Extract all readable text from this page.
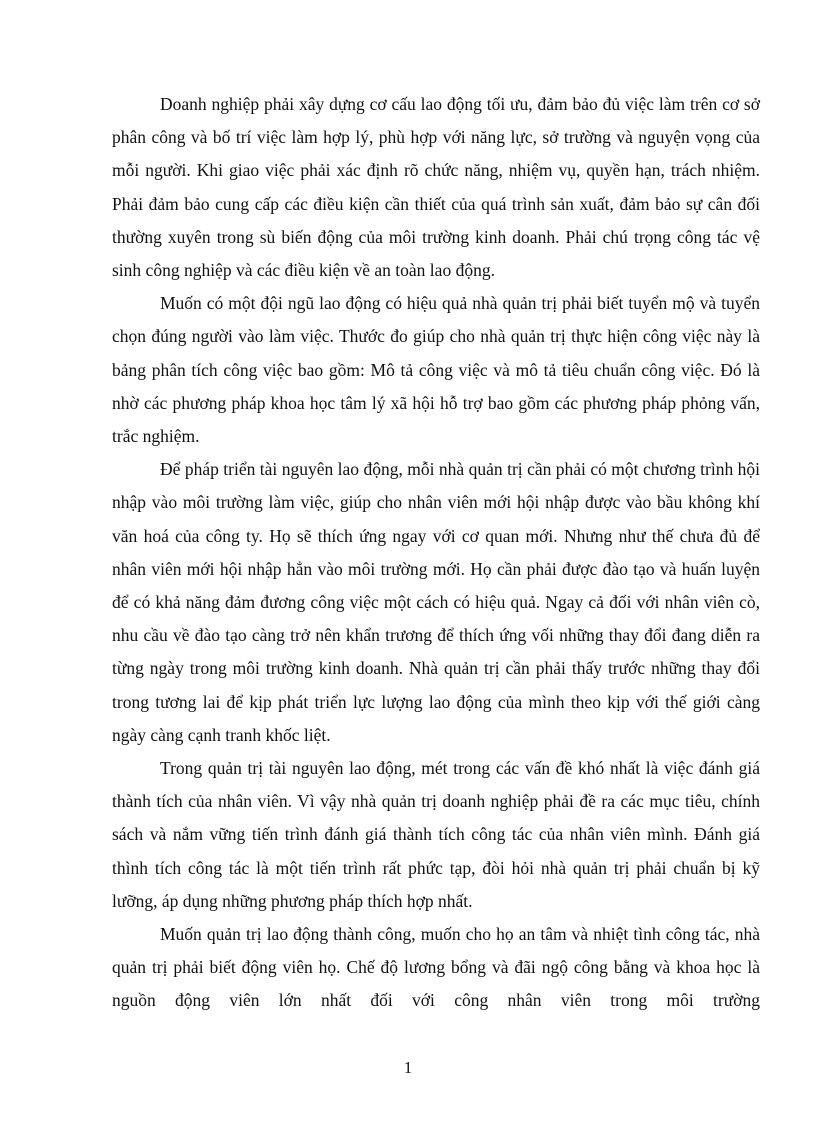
Doanh nghiệp phải xây dựng cơ cấu lao động tối ưu, đảm bảo đủ việc làm trên cơ sở phân công và bố trí việc làm hợp lý, phù hợp với năng lực, sở trường và nguyện vọng của mỗi người. Khi giao việc phải xác định rõ chức năng, nhiệm vụ, quyền hạn, trách nhiệm. Phải đảm bảo cung cấp các điều kiện cần thiết của quá trình sản xuất, đảm bảo sự cân đối thường xuyên trong sù biến động của môi trường kinh doanh. Phải chú trọng công tác vệ sinh công nghiệp và các điều kiện về an toàn lao động.

Muốn có một đội ngũ lao động có hiệu quả nhà quản trị phải biết tuyển mộ và tuyển chọn đúng người vào làm việc. Thước đo giúp cho nhà quản trị thực hiện công việc này là bảng phân tích công việc bao gồm: Mô tả công việc và mô tả tiêu chuẩn công việc. Đó là nhờ các phương pháp khoa học tâm lý xã hội hỗ trợ bao gồm các phương pháp phỏng vấn, trắc nghiệm.

Để pháp triển tài nguyên lao động, mỗi nhà quản trị cần phải có một chương trình hội nhập vào môi trường làm việc, giúp cho nhân viên mới hội nhập được vào bầu không khí văn hoá của công ty. Họ sẽ thích ứng ngay với cơ quan mới. Nhưng như thế chưa đủ để nhân viên mới hội nhập hẳn vào môi trường mới. Họ cần phải được đào tạo và huấn luyện để có khả năng đảm đương công việc một cách có hiệu quả. Ngay cả đối với nhân viên cò, nhu cầu về đào tạo càng trở nên khẩn trương để thích ứng vối những thay đổi đang diễn ra từng ngày trong môi trường kinh doanh. Nhà quản trị cần phải thấy trước những thay đổi trong tương lai để kịp phát triển lực lượng lao động của mình theo kịp với thế giới càng ngày càng cạnh tranh khốc liệt.

Trong quản trị tài nguyên lao động, mét trong các vấn đề khó nhất là việc đánh giá thành tích của nhân viên. Vì vậy nhà quản trị doanh nghiệp phải đề ra các mục tiêu, chính sách và nắm vững tiến trình đánh giá thành tích công tác của nhân viên mình. Đánh giá thình tích công tác là một tiến trình rất phức tạp, đòi hỏi nhà quản trị phải chuẩn bị kỹ lưỡng, áp dụng những phương pháp thích hợp nhất.

Muốn quản trị lao động thành công, muốn cho họ an tâm và nhiệt tình công tác, nhà quản trị phải biết động viên họ. Chế độ lương bổng và đãi ngộ công bằng và khoa học là nguồn động viên lớn nhất đối với công nhân viên trong môi trường

1
